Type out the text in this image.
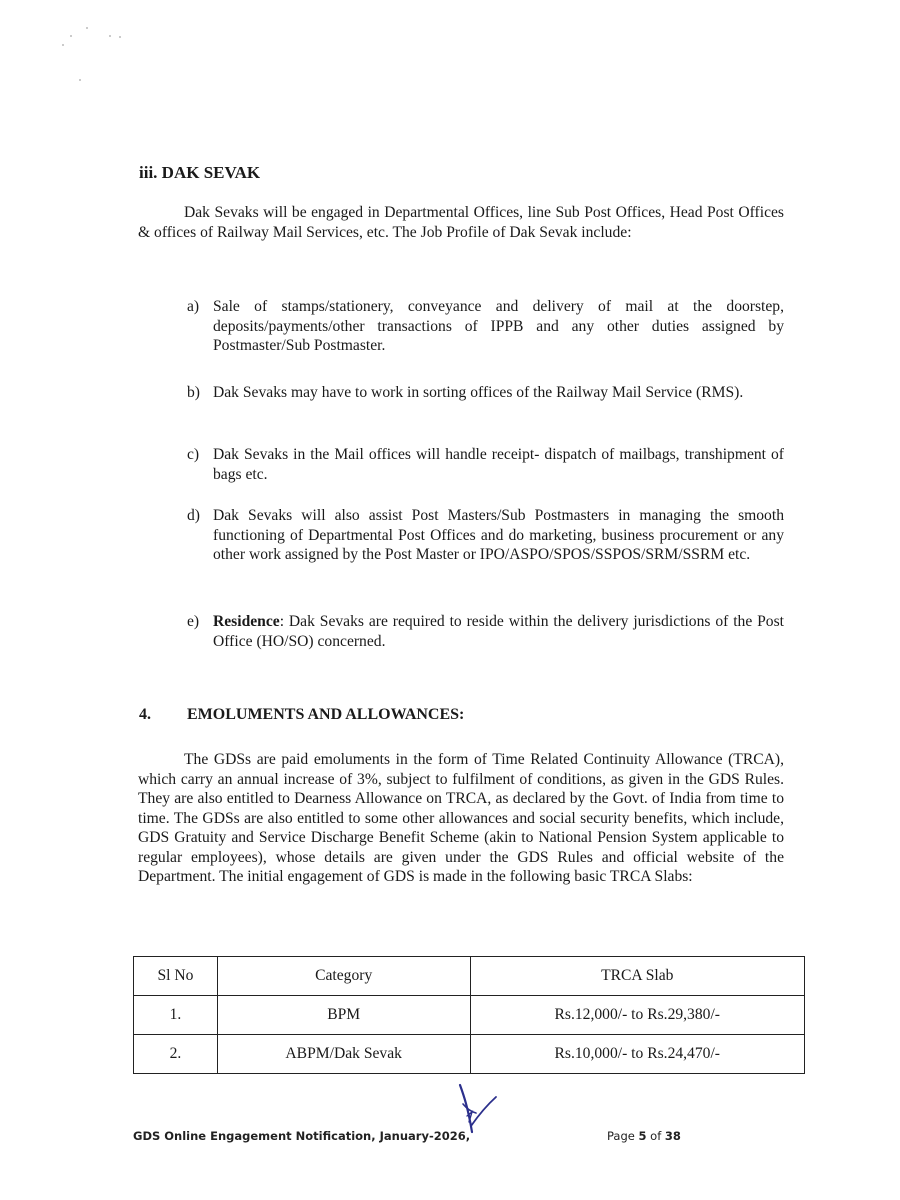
iii. DAK SEVAK

Dak Sevaks will be engaged in Departmental Offices, line Sub Post Offices, Head Post Offices & offices of Railway Mail Services, etc. The Job Profile of Dak Sevak include:

a) Sale of stamps/stationery, conveyance and delivery of mail at the doorstep, deposits/payments/other transactions of IPPB and any other duties assigned by Postmaster/Sub Postmaster.
b) Dak Sevaks may have to work in sorting offices of the Railway Mail Service (RMS).
c) Dak Sevaks in the Mail offices will handle receipt- dispatch of mailbags, transhipment of bags etc.
d) Dak Sevaks will also assist Post Masters/Sub Postmasters in managing the smooth functioning of Departmental Post Offices and do marketing, business procurement or any other work assigned by the Post Master or IPO/ASPO/SPOS/SSPOS/SRM/SSRM etc.
e) Residence: Dak Sevaks are required to reside within the delivery jurisdictions of the Post Office (HO/SO) concerned.
4. EMOLUMENTS AND ALLOWANCES:

The GDSs are paid emoluments in the form of Time Related Continuity Allowance (TRCA), which carry an annual increase of 3%, subject to fulfilment of conditions, as given in the GDS Rules. They are also entitled to Dearness Allowance on TRCA, as declared by the Govt. of India from time to time. The GDSs are also entitled to some other allowances and social security benefits, which include, GDS Gratuity and Service Discharge Benefit Scheme (akin to National Pension System applicable to regular employees), whose details are given under the GDS Rules and official website of the Department. The initial engagement of GDS is made in the following basic TRCA Slabs:

Sl No	Category	TRCA Slab
1.	BPM	Rs.12,000/- to Rs.29,380/-
2.	ABPM/Dak Sevak	Rs.10,000/- to Rs.24,470/-
GDS Online Engagement Notification, January-2026,	Page 5 of 38
